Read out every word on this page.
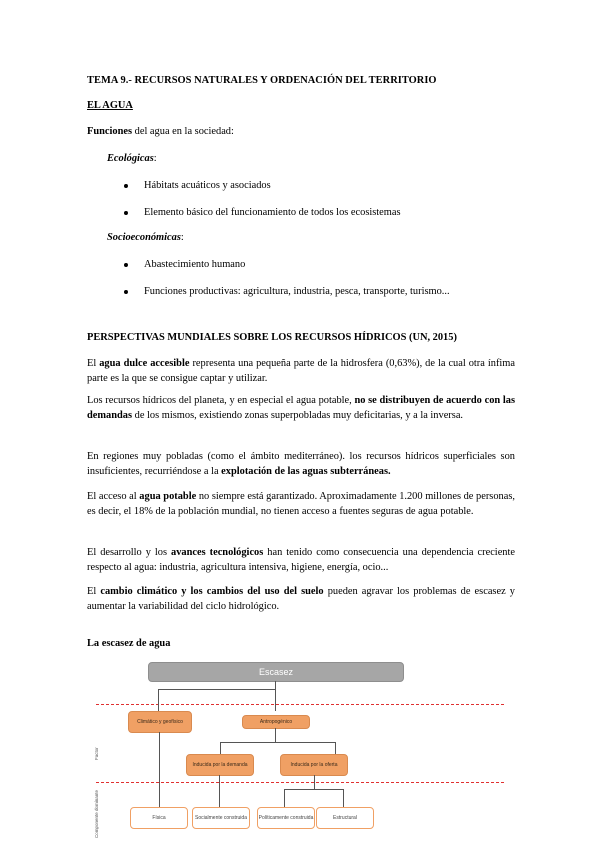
TEMA 9.- RECURSOS NATURALES Y ORDENACIÓN DEL TERRITORIO
EL AGUA
Funciones del agua en la sociedad:
Ecológicas:
Hábitats acuáticos y asociados
Elemento básico del funcionamiento de todos los ecosistemas
Socioeconómicas:
Abastecimiento humano
Funciones productivas: agricultura, industria, pesca, transporte, turismo...
PERSPECTIVAS MUNDIALES SOBRE LOS RECURSOS HÍDRICOS (UN, 2015)
El agua dulce accesible representa una pequeña parte de la hidrosfera (0,63%), de la cual otra ínfima parte es la que se consigue captar y utilizar.
Los recursos hídricos del planeta, y en especial el agua potable, no se distribuyen de acuerdo con las demandas de los mismos, existiendo zonas superpobladas muy deficitarias, y a la inversa.
En regiones muy pobladas (como el ámbito mediterráneo). los recursos hídricos superficiales son insuficientes, recurriéndose a la explotación de las aguas subterráneas.
El acceso al agua potable no siempre está garantizado. Aproximadamente 1.200 millones de personas, es decir, el 18% de la población mundial, no tienen acceso a fuentes seguras de agua potable.
El desarrollo y los avances tecnológicos han tenido como consecuencia una dependencia creciente respecto al agua: industria, agricultura intensiva, higiene, energía, ocio...
El cambio climático y los cambios del uso del suelo pueden agravar los problemas de escasez y aumentar la variabilidad del ciclo hidrológico.
La escasez de agua
Escasez
Climático y geofísico	Antropogénico
Inducida por la demanda	Inducida por la oferta
Física	Socialmente construida	Políticamente construida	Estructural
Factor
Componente dominante
